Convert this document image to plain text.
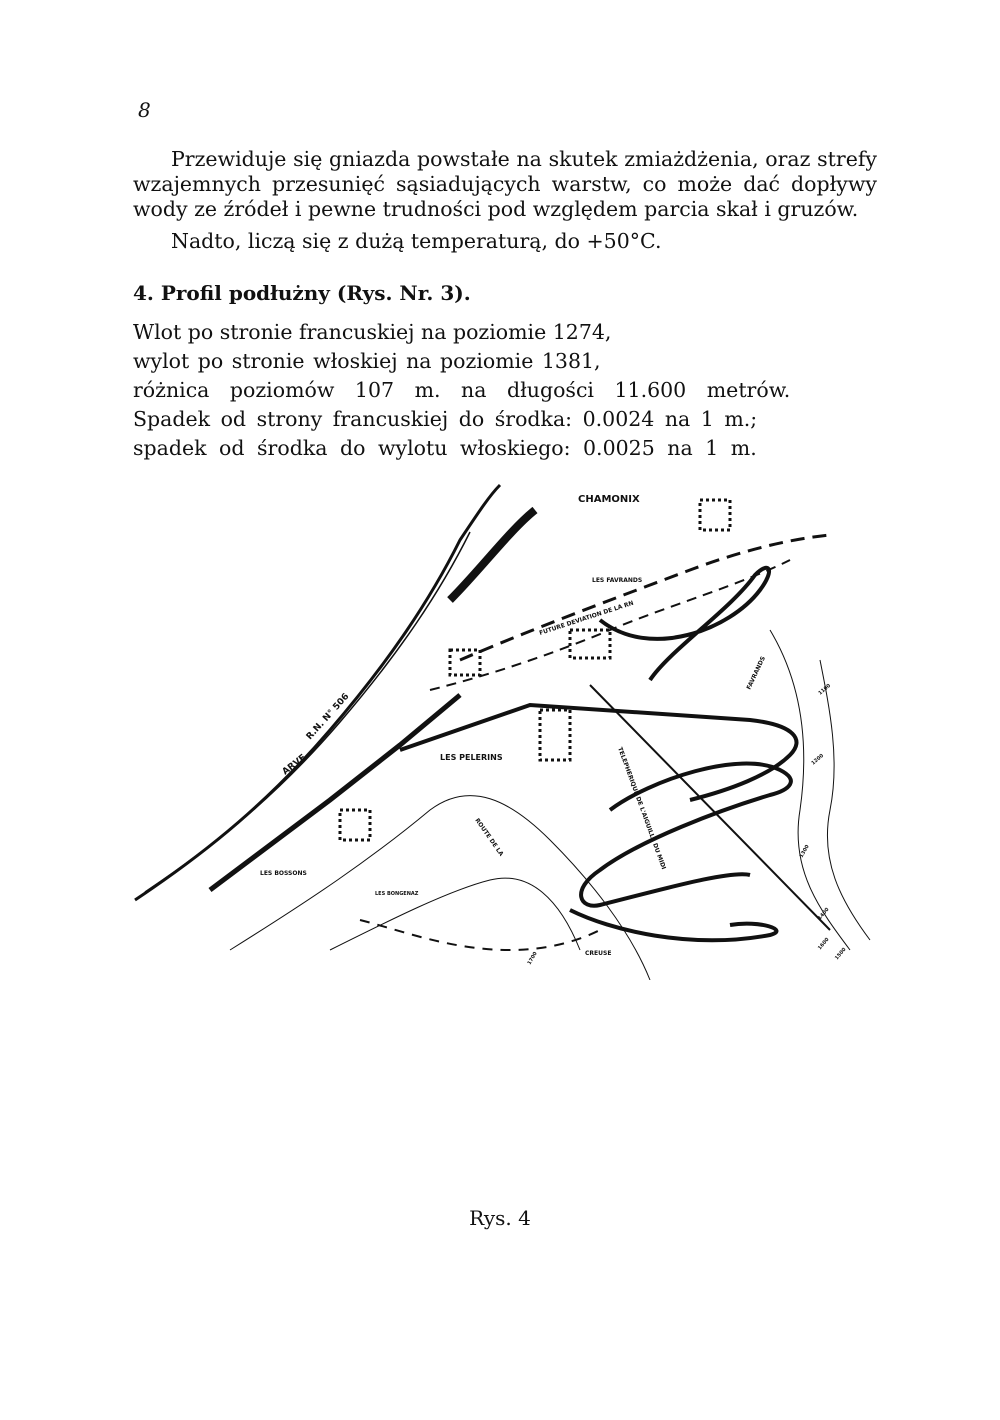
8

Przewiduje się gniazda powstałe na skutek zmiażdżenia, oraz strefy wzajemnych przesunięć sąsiadujących warstw, co może dać dopływy wody ze źródeł i pewne trudności pod względem parcia skał i gruzów.

Nadto, liczą się z dużą temperaturą, do +50°C.

4. Profil podłużny (Rys. Nr. 3).
Wlot po stronie francuskiej na poziomie 1274,
wylot po stronie włoskiej na poziomie 1381,
różnica poziomów 107 m. na długości 11.600 metrów.
Spadek od strony francuskiej do środka: 0.0024 na 1 m.;
spadek od środka do wylotu włoskiego: 0.0025 na 1 m.
CHAMONIX
LES FAVRANDS
FUTURE DEVIATION DE LA RN
R.N. N° 506
ARVE	LES PELERINS
LES BOSSONS
LES BONGENAZ
TELEPHERIQUE DE L'AIGUILLE DU MIDI
CREUSE
ROUTE DE LA
FAVRANDS	1100
1200
1300
1400
1500
1600
1700

Rys. 4
